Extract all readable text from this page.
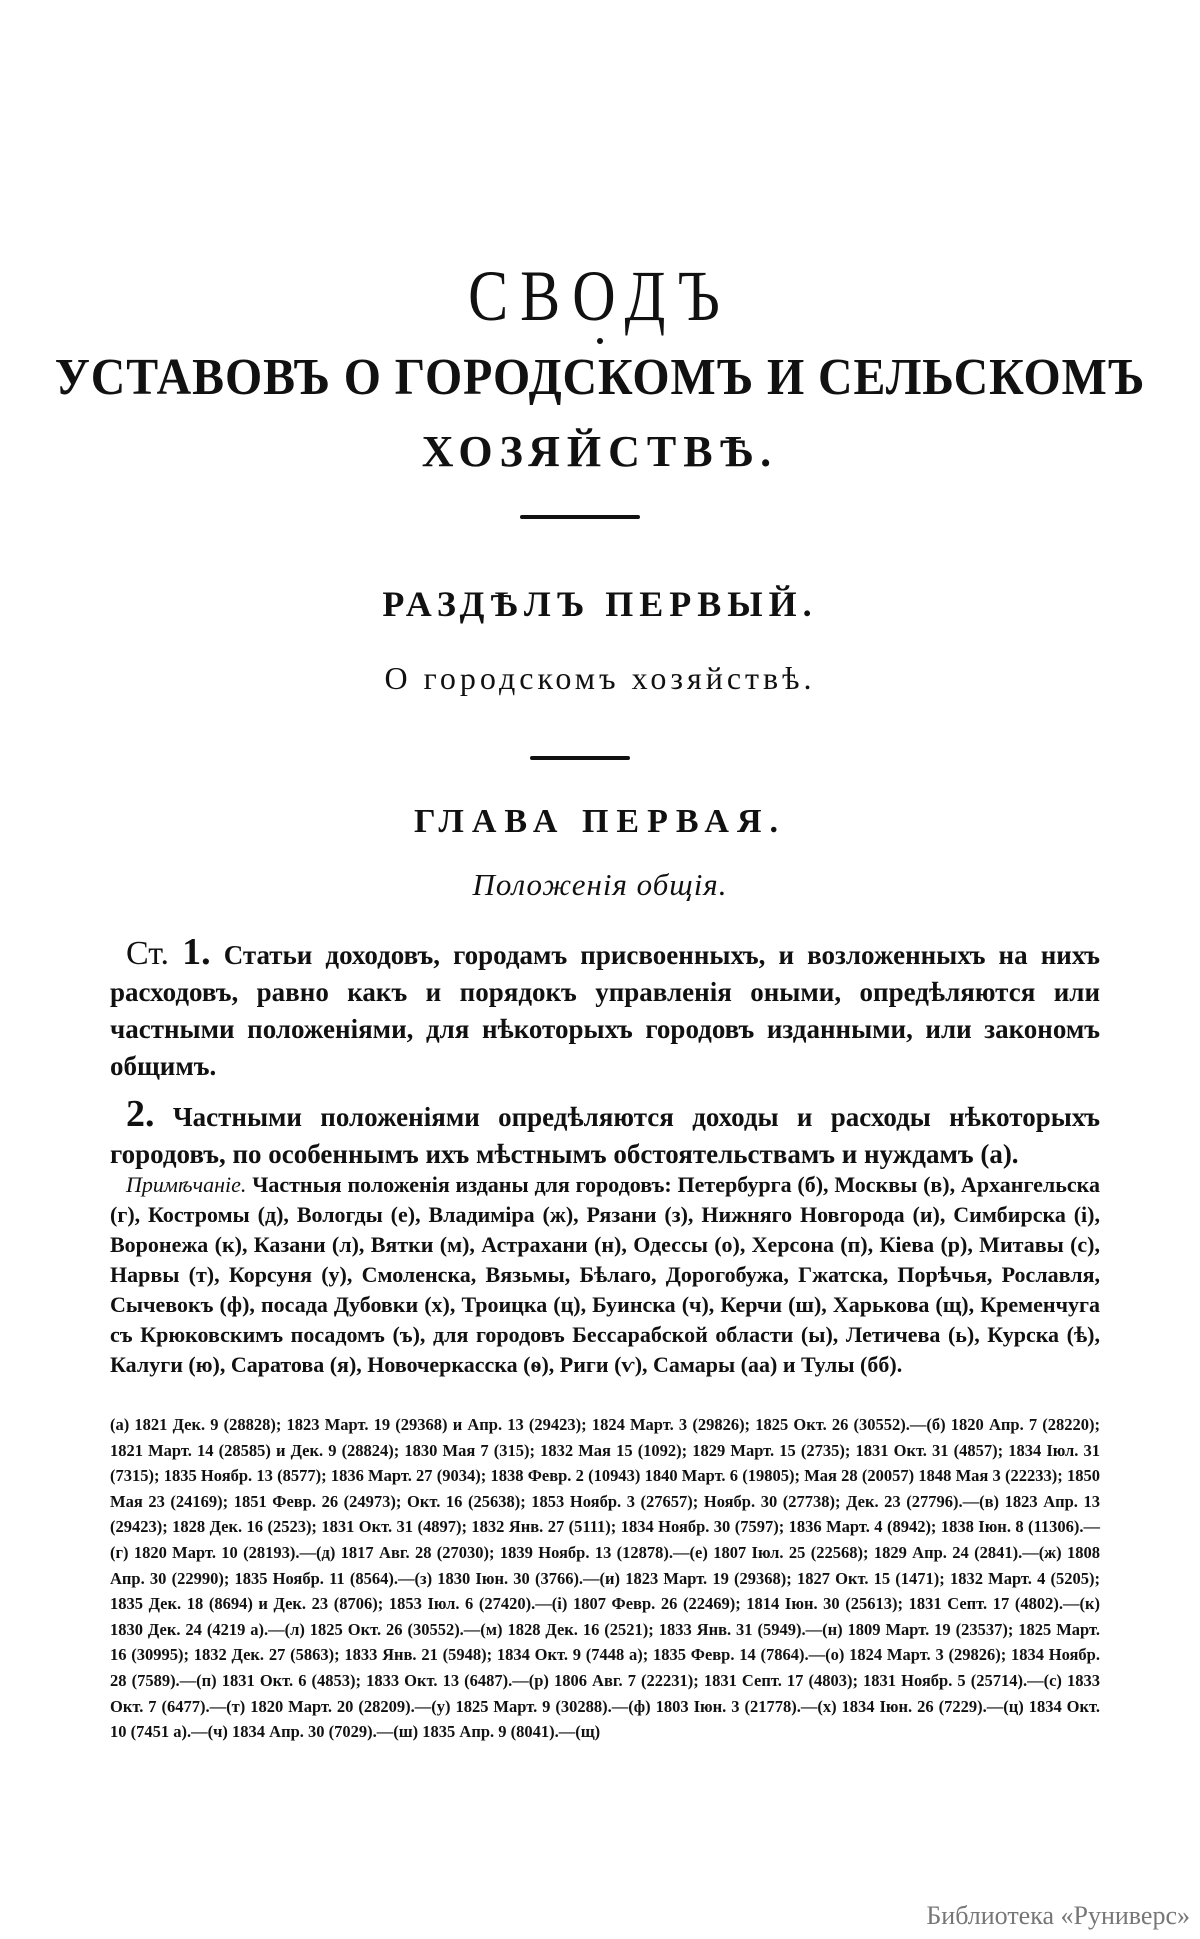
СВОДЪ
УСТАВОВЪ О ГОРОДСКОМЪ И СЕЛЬСКОМЪ
ХОЗЯЙСТВѢ.
РАЗДѢЛЪ ПЕРВЫЙ.
О городскомъ хозяйствѣ.
ГЛАВА ПЕРВАЯ.
Положенія общія.
Ст. 1. Статьи доходовъ, городамъ присвоенныхъ, и возложенныхъ на нихъ расходовъ, равно какъ и порядокъ управленія оными, опредѣляются или частными положеніями, для нѣкоторыхъ городовъ изданными, или закономъ общимъ.
2. Частными положеніями опредѣляются доходы и расходы нѣкоторыхъ городовъ, по особеннымъ ихъ мѣстнымъ обстоятельствамъ и нуждамъ (а).
Примѣчаніе. Частныя положенія изданы для городовъ: Петербурга (б), Москвы (в), Архангельска (г), Костромы (д), Вологды (е), Владиміра (ж), Рязани (з), Нижняго Новгорода (и), Симбирска (і), Воронежа (к), Казани (л), Вятки (м), Астрахани (н), Одессы (о), Херсона (п), Кіева (р), Митавы (с), Нарвы (т), Корсуня (у), Смоленска, Вязьмы, Бѣлаго, Дорогобужа, Гжатска, Порѣчья, Рославля, Сычевокъ (ф), посада Дубовки (х), Троицка (ц), Буинска (ч), Керчи (ш), Харькова (щ), Кременчуга съ Крюковскимъ посадомъ (ъ), для городовъ Бессарабской области (ы), Летичева (ь), Курска (ѣ), Калуги (ю), Саратова (я), Новочеркасска (ѳ), Риги (ѵ), Самары (аа) и Тулы (бб).
(а) 1821 Дек. 9 (28828); 1823 Март. 19 (29368) и Апр. 13 (29423); 1824 Март. 3 (29826); 1825 Окт. 26 (30552).—(б) 1820 Апр. 7 (28220); 1821 Март. 14 (28585) и Дек. 9 (28824); 1830 Мая 7 (315); 1832 Мая 15 (1092); 1829 Март. 15 (2735); 1831 Окт. 31 (4857); 1834 Іюл. 31 (7315); 1835 Ноябр. 13 (8577); 1836 Март. 27 (9034); 1838 Февр. 2 (10943) 1840 Март. 6 (19805); Мая 28 (20057) 1848 Мая 3 (22233); 1850 Мая 23 (24169); 1851 Февр. 26 (24973); Окт. 16 (25638); 1853 Ноябр. 3 (27657); Ноябр. 30 (27738); Дек. 23 (27796).—(в) 1823 Апр. 13 (29423); 1828 Дек. 16 (2523); 1831 Окт. 31 (4897); 1832 Янв. 27 (5111); 1834 Ноябр. 30 (7597); 1836 Март. 4 (8942); 1838 Іюн. 8 (11306).—(г) 1820 Март. 10 (28193).—(д) 1817 Авг. 28 (27030); 1839 Ноябр. 13 (12878).—(е) 1807 Іюл. 25 (22568); 1829 Апр. 24 (2841).—(ж) 1808 Апр. 30 (22990); 1835 Ноябр. 11 (8564).—(з) 1830 Іюн. 30 (3766).—(и) 1823 Март. 19 (29368); 1827 Окт. 15 (1471); 1832 Март. 4 (5205); 1835 Дек. 18 (8694) и Дек. 23 (8706); 1853 Іюл. 6 (27420).—(і) 1807 Февр. 26 (22469); 1814 Іюн. 30 (25613); 1831 Септ. 17 (4802).—(к) 1830 Дек. 24 (4219 а).—(л) 1825 Окт. 26 (30552).—(м) 1828 Дек. 16 (2521); 1833 Янв. 31 (5949).—(н) 1809 Март. 19 (23537); 1825 Март. 16 (30995); 1832 Дек. 27 (5863); 1833 Янв. 21 (5948); 1834 Окт. 9 (7448 а); 1835 Февр. 14 (7864).—(о) 1824 Март. 3 (29826); 1834 Ноябр. 28 (7589).—(п) 1831 Окт. 6 (4853); 1833 Окт. 13 (6487).—(р) 1806 Авг. 7 (22231); 1831 Септ. 17 (4803); 1831 Ноябр. 5 (25714).—(с) 1833 Окт. 7 (6477).—(т) 1820 Март. 20 (28209).—(у) 1825 Март. 9 (30288).—(ф) 1803 Іюн. 3 (21778).—(х) 1834 Іюн. 26 (7229).—(ц) 1834 Окт. 10 (7451 а).—(ч) 1834 Апр. 30 (7029).—(ш) 1835 Апр. 9 (8041).—(щ)
Библиотека «Руниверс»
